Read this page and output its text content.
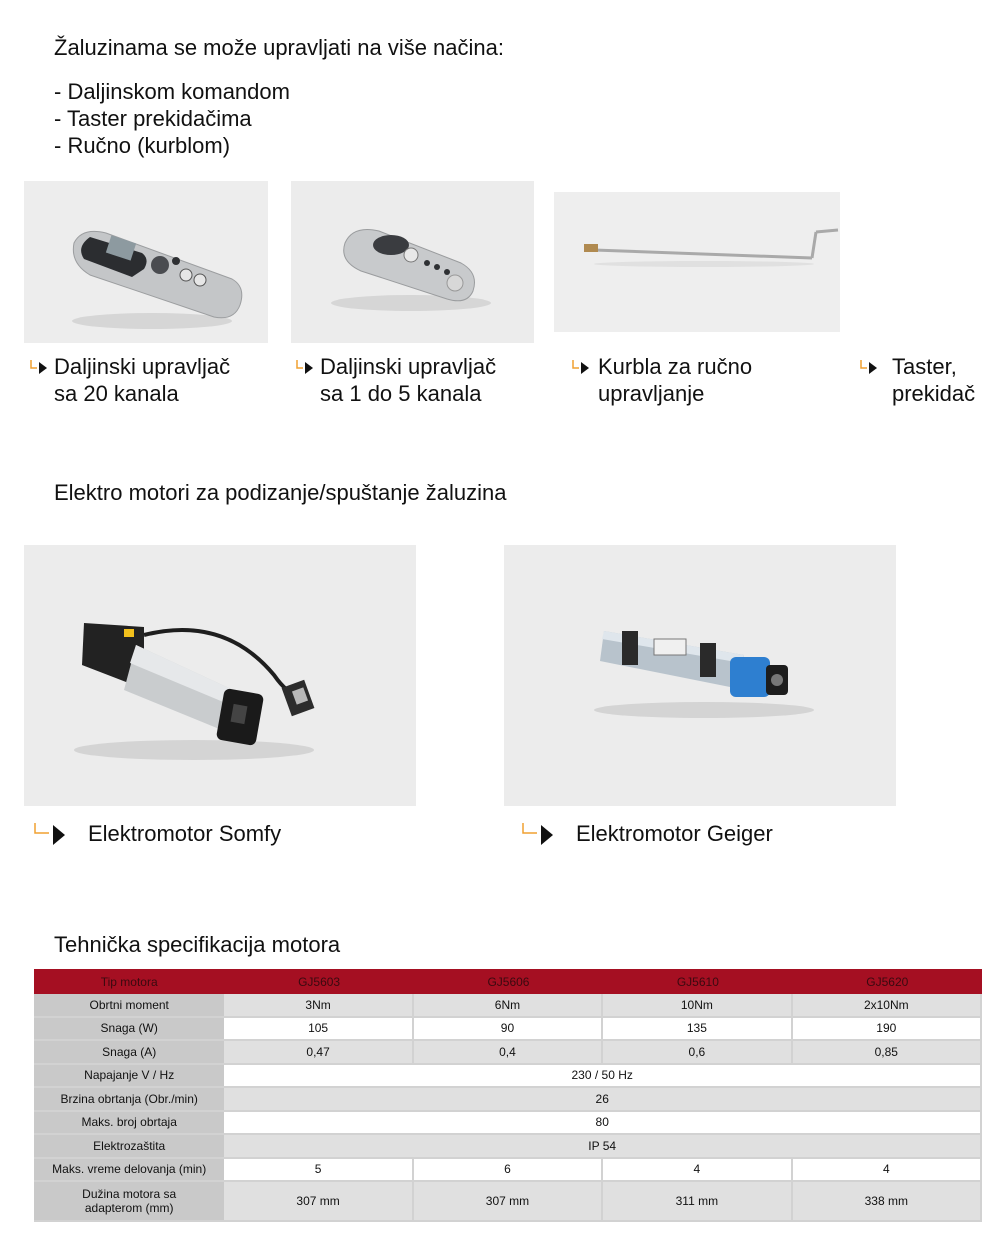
Žaluzinama se može upravljati na više načina:
- Daljinskom komandom
- Taster prekidačima
- Ručno (kurblom)
Daljinski upravljač
sa 20 kanala
Daljinski upravljač
sa 1 do 5 kanala
Kurbla za ručno
upravljanje
Taster,
prekidač
Elektro motori za podizanje/spuštanje žaluzina
Elektromotor Somfy	Elektromotor Geiger
Tehnička specifikacija motora
Tip motora	GJ5603	GJ5606	GJ5610	GJ5620
Obrtni moment	3Nm	6Nm	10Nm	2x10Nm
Snaga (W)	105	90	135	190
Snaga (A)	0,47	0,4	0,6	0,85
Napajanje V / Hz	230 / 50 Hz			
Brzina obrtanja (Obr./min)	26			
Maks. broj obrtaja	80			
Elektrozaštita	IP 54			
Maks. vreme delovanja (min)	5	6	4	4

Dužina motora sa
adapterom (mm)	307 mm	307 mm	311 mm	338 mm
